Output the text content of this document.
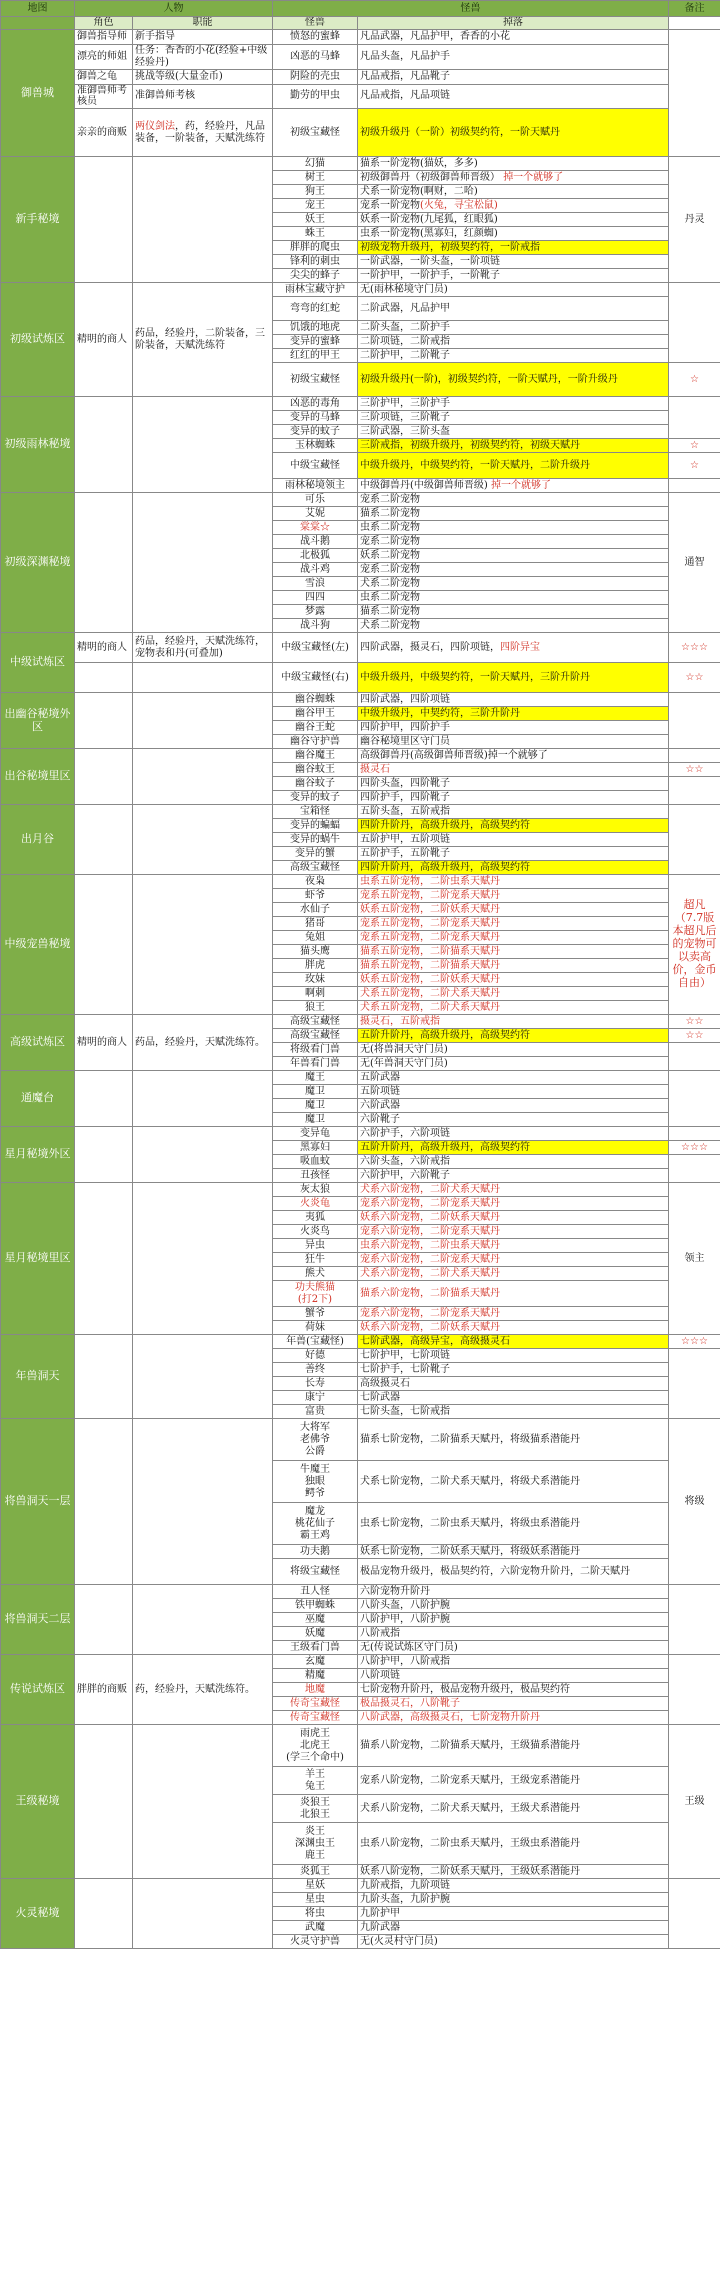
地图	人物		怪兽		备注
	角色	职能	怪兽	掉落	
御兽城	御兽指导师	新手指导	愤怒的蜜蜂	凡品武器，凡品护甲，香香的小花	
	漂亮的师姐	任务：香香的小花(经验+中级经验丹)	凶恶的马蜂	凡品头盔，凡品护手	
	御兽之龟	挑战等级(大量金币)	阴险的壳虫	凡品戒指，凡品靴子	
	准御兽师考核员	准御兽师考核	勤劳的甲虫	凡品戒指，凡品项链	
	亲亲的商贩	两仪剑法，药，经验丹，凡品装备，一阶装备，天赋洗练符	初级宝藏怪	初级升级丹（一阶）初级契约符，一阶天赋丹	
新手秘境			幻猫	猫系一阶宠物(猫妖，多多)	丹灵
			树王	初级御兽丹（初级御兽师晋级） 掉一个就够了	
			狗王	犬系一阶宠物(啊财，二哈)	
			宠王	宠系一阶宠物(火兔，寻宝松鼠)	
			妖王	妖系一阶宠物(九尾狐，红眼狐)	
			蛛王	虫系一阶宠物(黑寡妇，红颜蜘)	
			胖胖的爬虫	初级宠物升级丹，初级契约符，一阶戒指	
			锋利的刺虫	一阶武器，一阶头盔，一阶项链	
			尖尖的蜂子	一阶护甲，一阶护手，一阶靴子	
初级试炼区	精明的商人	药品，经验丹，二阶装备，三阶装备，天赋洗练符	雨林宝藏守护	无(雨林秘境守门员)	
			弯弯的红蛇	二阶武器，凡品护甲	
			饥饿的地虎	二阶头盔，二阶护手	
			变异的蜜蜂	二阶项链，二阶戒指	
			红红的甲王	二阶护甲，二阶靴子	
			初级宝藏怪	初级升级丹(一阶)，初级契约符，一阶天赋丹，一阶升级丹	☆
初级雨林秘境			凶恶的毒角	三阶护甲，三阶护手	
			变异的马蜂	三阶项链，三阶靴子	
			变异的蚊子	三阶武器，三阶头盔	
			玉林蜘蛛	三阶戒指，初级升级丹，初级契约符，初级天赋丹	☆
			中级宝藏怪	中级升级丹，中级契约符，一阶天赋丹，二阶升级丹	☆
			雨林秘境领主	中级御兽丹(中级御兽师晋级) 掉一个就够了	
初级深渊秘境			可乐	宠系二阶宠物	通智
			艾妮	猫系二阶宠物	
			棠棠☆	虫系二阶宠物	
			战斗鹅	宠系二阶宠物	
			北极狐	妖系二阶宠物	
			战斗鸡	宠系二阶宠物	
			雪浪	犬系二阶宠物	
			四四	虫系二阶宠物	
			梦露	猫系二阶宠物	
			战斗狗	犬系二阶宠物	
中级试炼区	精明的商人	药品，经验丹，天赋洗练符，宠物表和丹(可叠加)	中级宝藏怪(左)	四阶武器，摄灵石，四阶项链，四阶异宝	☆☆☆
			中级宝藏怪(右)	中级升级丹，中级契约符，一阶天赋丹，三阶升阶丹	☆☆
出幽谷秘境外区			幽谷蜘蛛	四阶武器，四阶项链	
			幽谷甲王	中级升级丹，中契约符，三阶升阶丹	
			幽谷王蛇	四阶护甲，四阶护手	
			幽谷守护兽	幽谷秘境里区守门员	
出谷秘境里区			幽谷魔王	高级御兽丹(高级御兽师晋级)掉一个就够了	
			幽谷蚊王	摄灵石	☆☆
			幽谷蚊子	四阶头盔，四阶靴子	
			变异的蚊子	四阶护手，四阶靴子	
出月谷			宝箱怪	五阶头盔，五阶戒指	
			变异的蝙蝠	四阶升阶丹，高级升级丹，高级契约符	
			变异的蜗牛	五阶护甲，五阶项链	
			变异的蟹	五阶护手，五阶靴子	
			高级宝藏怪	四阶升阶丹，高级升级丹，高级契约符	
中级宠兽秘境			夜枭	虫系五阶宠物，二阶虫系天赋丹	超凡（7.7版本超凡后的宠物可以卖高价，金币自由）
			虾爷	宠系五阶宠物，二阶宠系天赋丹	
			水仙子	妖系五阶宠物，二阶妖系天赋丹	
			猪哥	宠系五阶宠物，二阶宠系天赋丹	
			兔姐	宠系五阶宠物，二阶宠系天赋丹	
			猫头鹰	猫系五阶宠物，二阶猫系天赋丹	
			胖虎	猫系五阶宠物，二阶猫系天赋丹	
			玫妹	妖系五阶宠物，二阶妖系天赋丹	
			啊刺	犬系五阶宠物，二阶犬系天赋丹	
			狼王	犬系五阶宠物，二阶犬系天赋丹	
高级试炼区	精明的商人	药品，经验丹，天赋洗练符。	高级宝藏怪	摄灵石，五阶戒指	☆☆
			高级宝藏怪	五阶升阶丹，高级升级丹，高级契约符	☆☆
			将级看门兽	无(将兽洞天守门员)	
			年兽看门兽	无(年兽洞天守门员)	
通魔台			魔王	五阶武器	
			魔卫	五阶项链	
			魔卫	六阶武器	
			魔卫	六阶靴子	
星月秘境外区			变异龟	六阶护手，六阶项链	
			黑寡妇	五阶升阶丹，高级升级丹，高级契约符	☆☆☆
			吸血蚊	六阶头盔，六阶戒指	
			丑孩怪	六阶护甲，六阶靴子	
星月秘境里区			灰太狼	犬系六阶宠物，二阶犬系天赋丹	领主
			火炎龟	宠系六阶宠物，二阶宠系天赋丹	
			夷狐	妖系六阶宠物，二阶妖系天赋丹	
			火炎鸟	宠系六阶宠物，二阶宠系天赋丹	
			异虫	虫系六阶宠物，二阶虫系天赋丹	
			狂牛	宠系六阶宠物，二阶宠系天赋丹	
			熊犬	犬系六阶宠物，二阶犬系天赋丹	

			功夫熊猫
(打2下)	猫系六阶宠物，二阶猫系天赋丹	
			蟹爷	宠系六阶宠物，二阶宠系天赋丹	
			荷妹	妖系六阶宠物，二阶妖系天赋丹	
年兽洞天			年兽(宝藏怪)	七阶武器，高级异宝，高级摄灵石	☆☆☆
			好德	七阶护甲，七阶项链	
			善终	七阶护手，七阶靴子	
			长寿	高级摄灵石	
			康宁	七阶武器	
			富贵	七阶头盔，七阶戒指	
将兽洞天一层			大将军
老佛爷
公爵	猫系七阶宠物，二阶猫系天赋丹，将级猫系潜能丹	将级

			牛魔王
独眼
鳄爷	犬系七阶宠物，二阶犬系天赋丹，将级犬系潜能丹	

			魔龙
桃花仙子
霸王鸡	虫系七阶宠物，二阶虫系天赋丹，将级虫系潜能丹	
			功夫鹅	妖系七阶宠物，二阶妖系天赋丹，将级妖系潜能丹	
			将级宝藏怪	极品宠物升级丹，极品契约符，六阶宠物升阶丹，二阶天赋丹	
将兽洞天二层			丑人怪	六阶宠物升阶丹	
			铁甲蜘蛛	八阶头盔，八阶护腕	
			巫魔	八阶护甲，八阶护腕	
			妖魔	八阶戒指	
			王级看门兽	无(传说试炼区守门员)	
传说试炼区	胖胖的商贩	药，经验丹，天赋洗练符。	玄魔	八阶护甲，八阶戒指	
			精魔	八阶项链	
			地魔	七阶宠物升阶丹，极品宠物升级丹，极品契约符	
			传奇宝藏怪	极品摄灵石，八阶靴子	
			传奇宝藏怪	八阶武器，高级摄灵石，七阶宠物升阶丹	
王级秘境			雨虎王
北虎王
(学三个命中)	猫系八阶宠物，二阶猫系天赋丹，王级猫系潜能丹	王级

			羊王
兔王	宠系八阶宠物，二阶宠系天赋丹，王级宠系潜能丹	

			炎狼王
北狼王	犬系八阶宠物，二阶犬系天赋丹，王级犬系潜能丹	

			炎王
深渊虫王
鹿王	虫系八阶宠物，二阶虫系天赋丹，王级虫系潜能丹	
			炎狐王	妖系八阶宠物，二阶妖系天赋丹，王级妖系潜能丹	
火灵秘境			星妖	九阶戒指，九阶项链	
			星虫	九阶头盔，九阶护腕	
			将虫	九阶护甲	
			武魔	九阶武器	
			火灵守护兽	无(火灵村守门员)	
